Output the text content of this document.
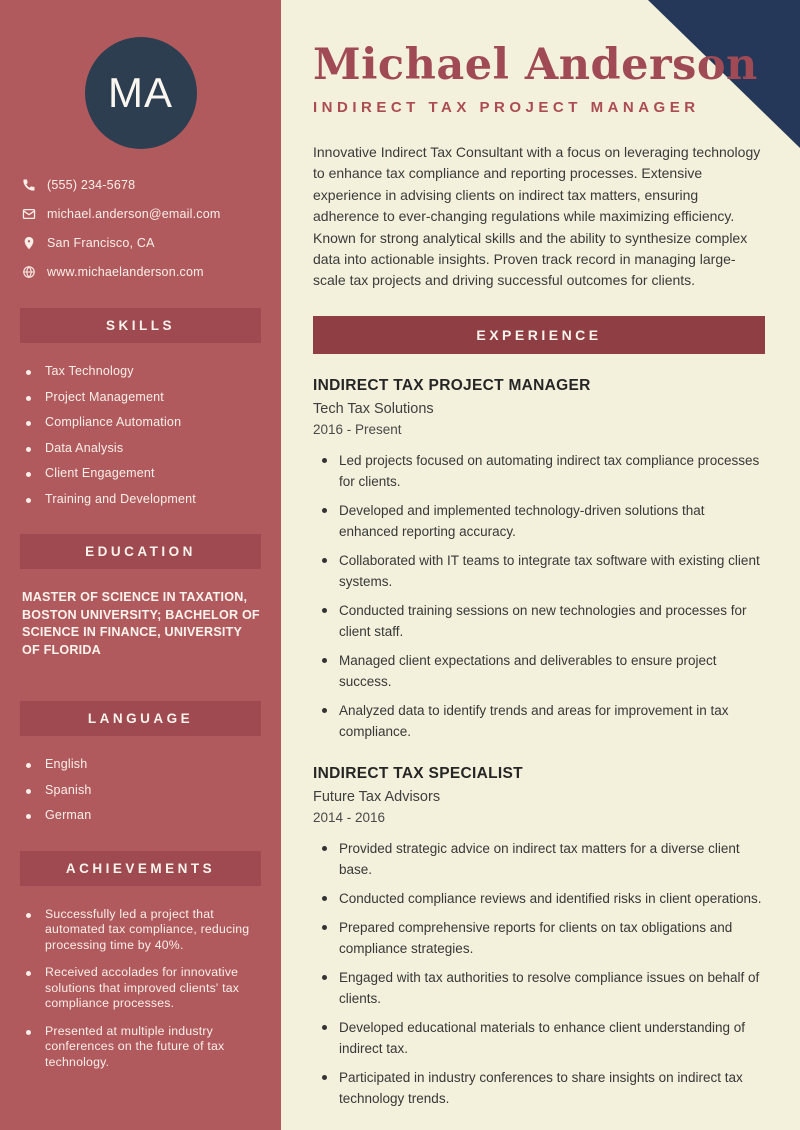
MA
(555) 234-5678
michael.anderson@email.com
San Francisco, CA
www.michaelanderson.com
SKILLS
Tax Technology
Project Management
Compliance Automation
Data Analysis
Client Engagement
Training and Development
EDUCATION

MASTER OF SCIENCE IN TAXATION, BOSTON UNIVERSITY; BACHELOR OF SCIENCE IN FINANCE, UNIVERSITY OF FLORIDA

LANGUAGE
English
Spanish
German
ACHIEVEMENTS
Successfully led a project that automated tax compliance, reducing processing time by 40%.
Received accolades for innovative solutions that improved clients' tax compliance processes.
Presented at multiple industry conferences on the future of tax technology.
Michael Anderson
INDIRECT TAX PROJECT MANAGER

Innovative Indirect Tax Consultant with a focus on leveraging technology to enhance tax compliance and reporting processes. Extensive experience in advising clients on indirect tax matters, ensuring adherence to ever-changing regulations while maximizing efficiency. Known for strong analytical skills and the ability to synthesize complex data into actionable insights. Proven track record in managing large-scale tax projects and driving successful outcomes for clients.

EXPERIENCE
INDIRECT TAX PROJECT MANAGER
Tech Tax Solutions
2016 - Present
Led projects focused on automating indirect tax compliance processes for clients.
Developed and implemented technology-driven solutions that enhanced reporting accuracy.
Collaborated with IT teams to integrate tax software with existing client systems.
Conducted training sessions on new technologies and processes for client staff.
Managed client expectations and deliverables to ensure project success.
Analyzed data to identify trends and areas for improvement in tax compliance.
INDIRECT TAX SPECIALIST
Future Tax Advisors
2014 - 2016
Provided strategic advice on indirect tax matters for a diverse client base.
Conducted compliance reviews and identified risks in client operations.
Prepared comprehensive reports for clients on tax obligations and compliance strategies.
Engaged with tax authorities to resolve compliance issues on behalf of clients.
Developed educational materials to enhance client understanding of indirect tax.
Participated in industry conferences to share insights on indirect tax technology trends.
